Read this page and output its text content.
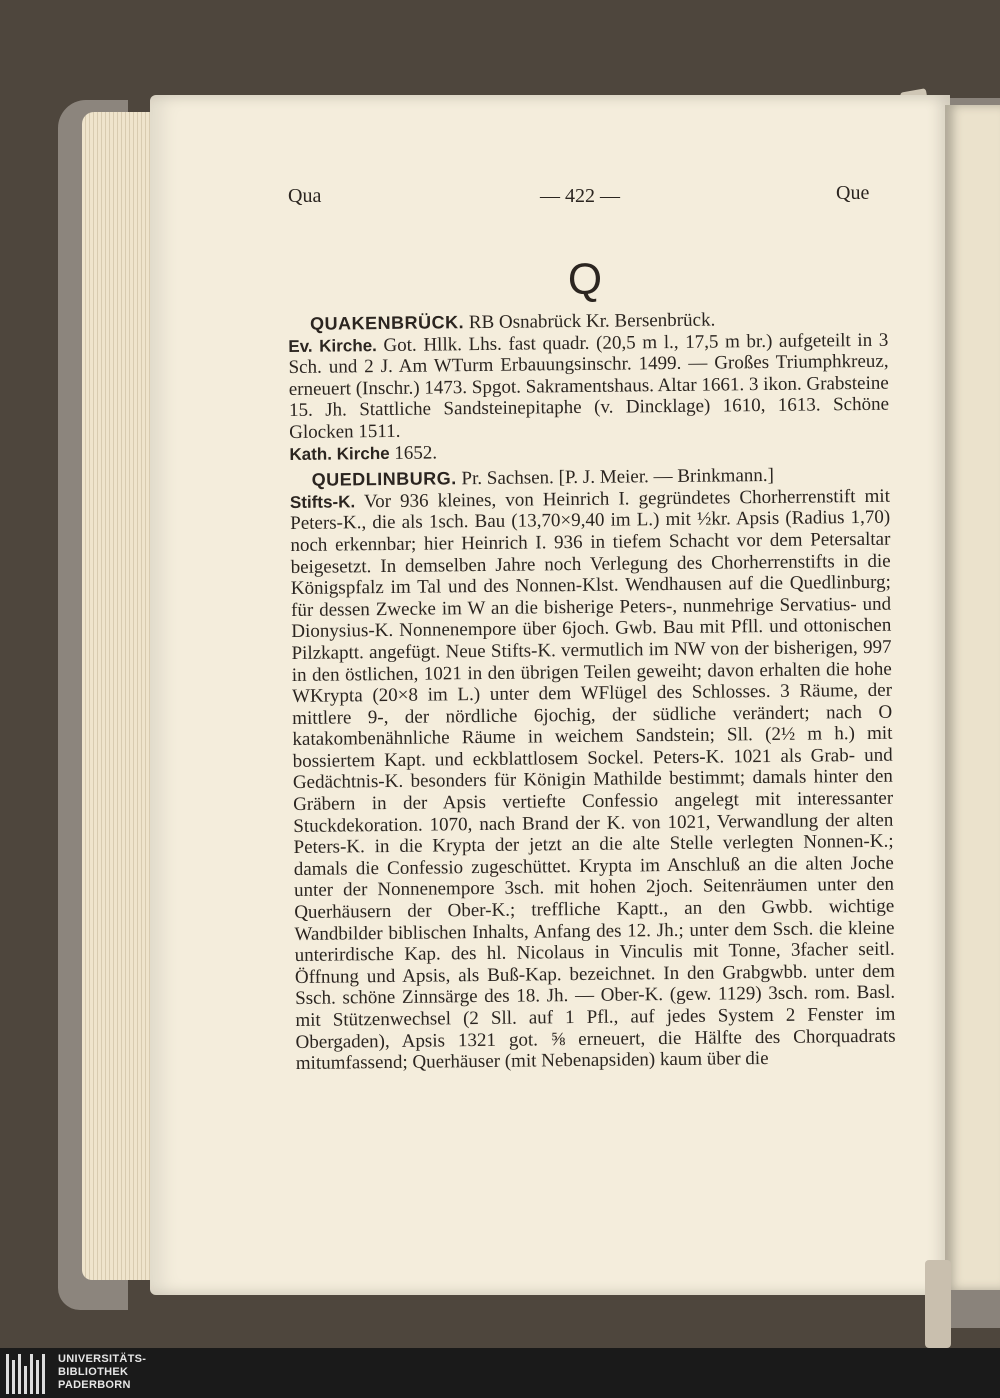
Qua	— 422 —	Que
Q

QUAKENBRÜCK. RB Osnabrück Kr. Bersenbrück.
Ev. Kirche. Got. Hllk. Lhs. fast quadr. (20,5 m l., 17,5 m br.) aufgeteilt in 3 Sch. und 2 J. Am WTurm Erbauungsinschr. 1499. — Großes Triumphkreuz, erneuert (Inschr.) 1473. Spgot. Sakramentshaus. Altar 1661. 3 ikon. Grabsteine 15. Jh. Stattliche Sandsteinepitaphe (v. Dincklage) 1610, 1613. Schöne Glocken 1511.
Kath. Kirche 1652.

QUEDLINBURG. Pr. Sachsen. [P. J. Meier. — Brinkmann.]
Stifts-K. Vor 936 kleines, von Heinrich I. gegründetes Chorherrenstift mit Peters-K., die als 1sch. Bau (13,70×9,40 im L.) mit ½kr. Apsis (Radius 1,70) noch erkennbar; hier Heinrich I. 936 in tiefem Schacht vor dem Petersaltar beigesetzt. In demselben Jahre noch Verlegung des Chorherrenstifts in die Königspfalz im Tal und des Nonnen-Klst. Wendhausen auf die Quedlinburg; für dessen Zwecke im W an die bisherige Peters-, nunmehrige Servatius- und Dionysius-K. Nonnenempore über 6joch. Gwb. Bau mit Pfll. und ottonischen Pilzkaptt. angefügt. Neue Stifts-K. vermutlich im NW von der bisherigen, 997 in den östlichen, 1021 in den übrigen Teilen geweiht; davon erhalten die hohe WKrypta (20×8 im L.) unter dem WFlügel des Schlosses. 3 Räume, der mittlere 9-, der nördliche 6jochig, der südliche verändert; nach O katakombenähnliche Räume in weichem Sandstein; Sll. (2½ m h.) mit bossiertem Kapt. und eckblattlosem Sockel. Peters-K. 1021 als Grab- und Gedächtnis-K. besonders für Königin Mathilde bestimmt; damals hinter den Gräbern in der Apsis vertiefte Confessio angelegt mit interessanter Stuckdekoration. 1070, nach Brand der K. von 1021, Verwandlung der alten Peters-K. in die Krypta der jetzt an die alte Stelle verlegten Nonnen-K.; damals die Confessio zugeschüttet. Krypta im Anschluß an die alten Joche unter der Nonnenempore 3sch. mit hohen 2joch. Seitenräumen unter den Querhäusern der Ober-K.; treffliche Kaptt., an den Gwbb. wichtige Wandbilder biblischen Inhalts, Anfang des 12. Jh.; unter dem Ssch. die kleine unterirdische Kap. des hl. Nicolaus in Vinculis mit Tonne, 3facher seitl. Öffnung und Apsis, als Buß-Kap. bezeichnet. In den Grabgwbb. unter dem Ssch. schöne Zinnsärge des 18. Jh. — Ober-K. (gew. 1129) 3sch. rom. Basl. mit Stützenwechsel (2 Sll. auf 1 Pfl., auf jedes System 2 Fenster im Obergaden), Apsis 1321 got. ⅝ erneuert, die Hälfte des Chorquadrats mitumfassend; Querhäuser (mit Nebenapsiden) kaum über die

UNIVERSITÄTS-
BIBLIOTHEK
PADERBORN
